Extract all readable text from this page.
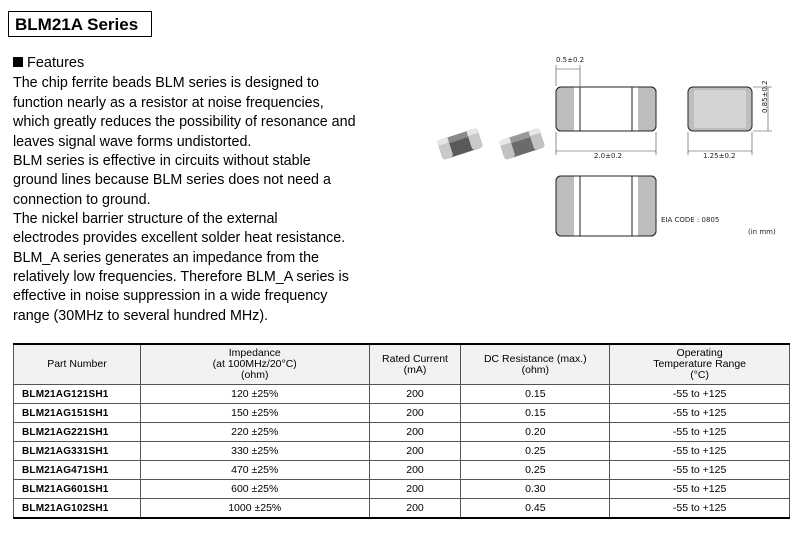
BLM21A Series
Features
The chip ferrite beads BLM series is designed to
function nearly as a resistor at noise frequencies,
which greatly reduces the possibility of resonance and
leaves signal wave forms undistorted.
BLM series is effective in circuits without stable
ground lines because BLM series does not need a
connection to ground.
The nickel barrier structure of the external
electrodes provides excellent solder heat resistance.
BLM_A series generates an impedance from the
relatively low frequencies. Therefore BLM_A series is
effective in noise suppression in a wide frequency
range (30MHz to several hundred MHz).
0.5±0.2
2.0±0.2	1.25±0.2
0.85±0.2
EIA CODE : 0805
(in mm)
Part Number	Impedance
(at 100MHz/20°C)
(ohm)	Rated Current
(mA)	DC Resistance (max.)
(ohm)	Operating
Temperature Range
(°C)
BLM21AG121SH1	120 ±25%	200	0.15	-55 to +125
BLM21AG151SH1	150 ±25%	200	0.15	-55 to +125
BLM21AG221SH1	220 ±25%	200	0.20	-55 to +125
BLM21AG331SH1	330 ±25%	200	0.25	-55 to +125
BLM21AG471SH1	470 ±25%	200	0.25	-55 to +125
BLM21AG601SH1	600 ±25%	200	0.30	-55 to +125
BLM21AG102SH1	1000 ±25%	200	0.45	-55 to +125
